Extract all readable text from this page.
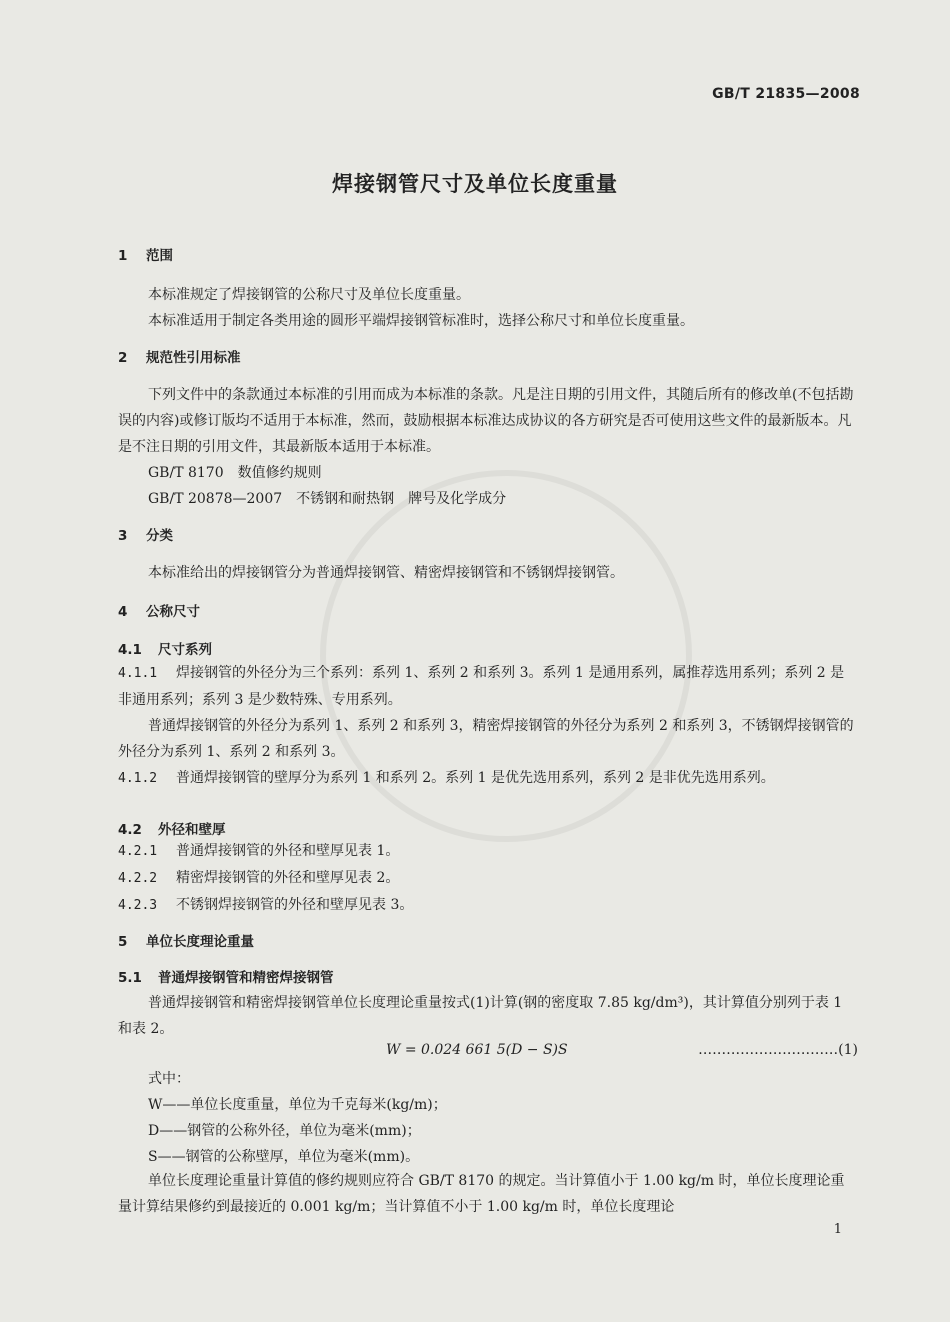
GB/T 21835—2008
焊接钢管尺寸及单位长度重量
1 范围

本标准规定了焊接钢管的公称尺寸及单位长度重量。

本标准适用于制定各类用途的圆形平端焊接钢管标准时，选择公称尺寸和单位长度重量。

2 规范性引用标准

下列文件中的条款通过本标准的引用而成为本标准的条款。凡是注日期的引用文件，其随后所有的修改单(不包括勘误的内容)或修订版均不适用于本标准，然而，鼓励根据本标准达成协议的各方研究是否可使用这些文件的最新版本。凡是不注日期的引用文件，其最新版本适用于本标准。

GB/T 8170　数值修约规则

GB/T 20878—2007　不锈钢和耐热钢　牌号及化学成分

3 分类

本标准给出的焊接钢管分为普通焊接钢管、精密焊接钢管和不锈钢焊接钢管。

4 公称尺寸
4.1 尺寸系列

4.1.1 焊接钢管的外径分为三个系列：系列 1、系列 2 和系列 3。系列 1 是通用系列，属推荐选用系列；系列 2 是非通用系列；系列 3 是少数特殊、专用系列。

普通焊接钢管的外径分为系列 1、系列 2 和系列 3，精密焊接钢管的外径分为系列 2 和系列 3，不锈钢焊接钢管的外径分为系列 1、系列 2 和系列 3。

4.1.2 普通焊接钢管的壁厚分为系列 1 和系列 2。系列 1 是优先选用系列，系列 2 是非优先选用系列。

4.2 外径和壁厚

4.2.1 普通焊接钢管的外径和壁厚见表 1。

4.2.2 精密焊接钢管的外径和壁厚见表 2。

4.2.3 不锈钢焊接钢管的外径和壁厚见表 3。

5 单位长度理论重量
5.1 普通焊接钢管和精密焊接钢管

普通焊接钢管和精密焊接钢管单位长度理论重量按式(1)计算(钢的密度取 7.85 kg/dm³)，其计算值分别列于表 1 和表 2。

W = 0.024 661 5(D − S)S	…………………………(1)

式中：

W——单位长度重量，单位为千克每米(kg/m)；

D——钢管的公称外径，单位为毫米(mm)；

S——钢管的公称壁厚，单位为毫米(mm)。

单位长度理论重量计算值的修约规则应符合 GB/T 8170 的规定。当计算值小于 1.00 kg/m 时，单位长度理论重量计算结果修约到最接近的 0.001 kg/m；当计算值不小于 1.00 kg/m 时，单位长度理论

1
